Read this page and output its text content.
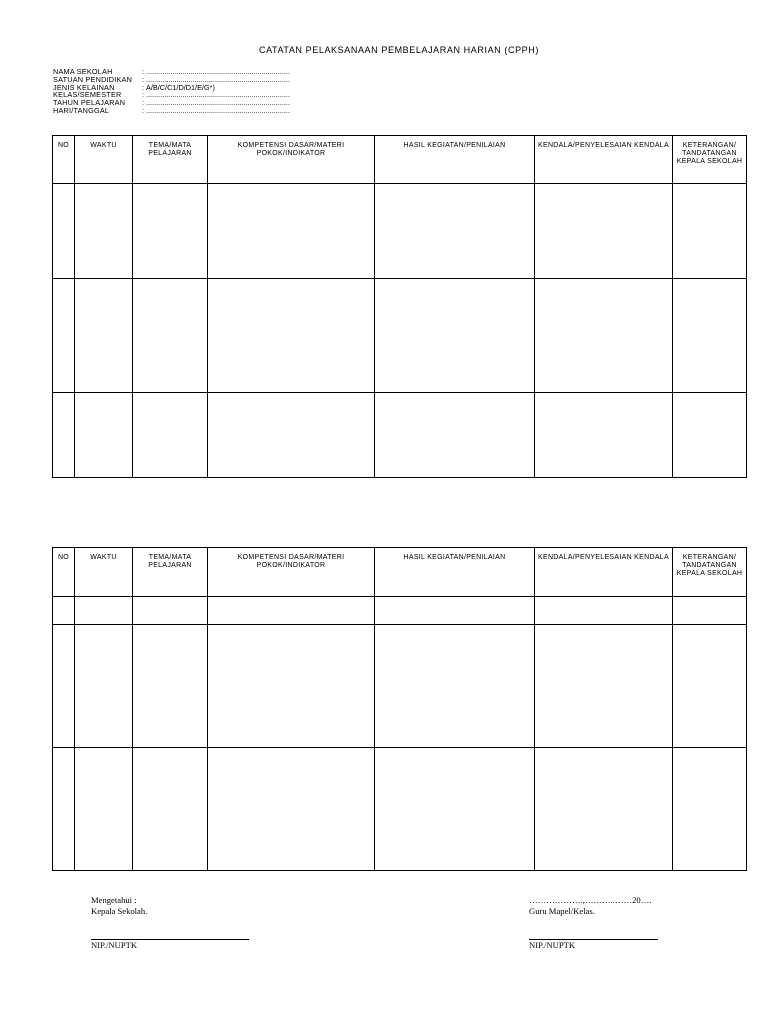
CATATAN PELAKSANAAN PEMBELAJARAN HARIAN (CPPH)
NAMA SEKOLAH	: .......................................................................
SATUAN PENDIDIKAN	: .......................................................................
JENIS KELAINAN	: A/B/C/C1/D/D1/E/G*)
KELAS/SEMESTER	: .......................................................................
TAHUN PELAJARAN	: .......................................................................
HARI/TANGGAL	: .......................................................................
NO	WAKTU	TEMA/MATA PELAJARAN	KOMPETENSI DASAR/MATERI POKOK/INDIKATOR	HASIL KEGIATAN/PENILAIAN	KENDALA/PENYELESAIAN KENDALA	KETERANGAN/ TANDATANGAN KEPALA SEKOLAH

NO	WAKTU	TEMA/MATA PELAJARAN	KOMPETENSI DASAR/MATERI POKOK/INDIKATOR	HASIL KEGIATAN/PENILAIAN	KENDALA/PENYELESAIAN KENDALA	KETERANGAN/ TANDATANGAN KEPALA SEKOLAH

Mengetahui :
Kepala Sekolah.
NIP./NUPTK
……………….,………..……20….
Guru Mapel/Kelas.
NIP./NUPTK
